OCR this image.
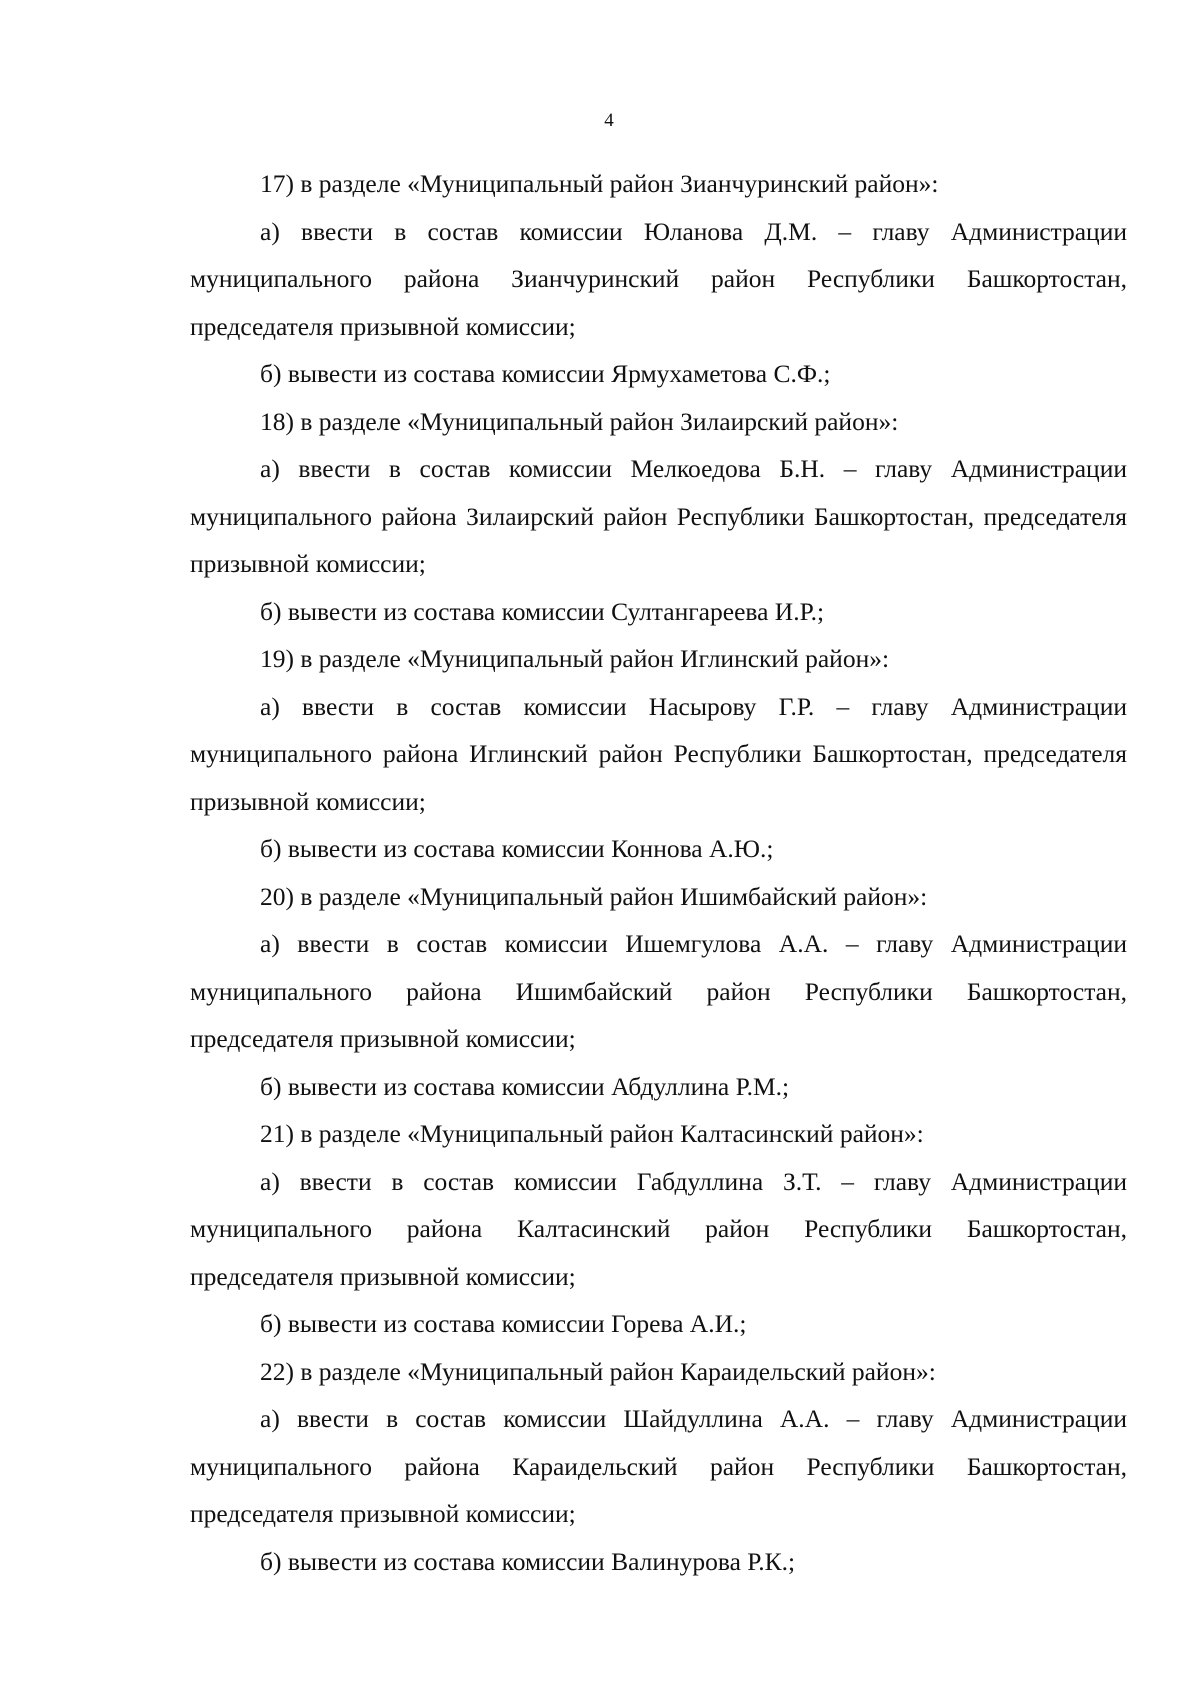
4

17) в разделе «Муниципальный район Зианчуринский район»:

а) ввести в состав комиссии Юланова Д.М. – главу Администрации муниципального района Зианчуринский район Республики Башкортостан, председателя призывной комиссии;

б) вывести из состава комиссии Ярмухаметова С.Ф.;

18) в разделе «Муниципальный район Зилаирский район»:

а) ввести в состав комиссии Мелкоедова Б.Н. – главу Администрации муниципального района Зилаирский район Республики Башкортостан, председателя призывной комиссии;

б) вывести из состава комиссии Султангареева И.Р.;

19) в разделе «Муниципальный район Иглинский район»:

а) ввести в состав комиссии Насырову Г.Р. – главу Администрации муниципального района Иглинский район Республики Башкортостан, председателя призывной комиссии;

б) вывести из состава комиссии Коннова А.Ю.;

20) в разделе «Муниципальный район Ишимбайский район»:

а) ввести в состав комиссии Ишемгулова А.А. – главу Администрации муниципального района Ишимбайский район Республики Башкортостан, председателя призывной комиссии;

б) вывести из состава комиссии Абдуллина Р.М.;

21) в разделе «Муниципальный район Калтасинский район»:

а) ввести в состав комиссии Габдуллина З.Т. – главу Администрации муниципального района Калтасинский район Республики Башкортостан, председателя призывной комиссии;

б) вывести из состава комиссии Горева А.И.;

22) в разделе «Муниципальный район Караидельский район»:

а) ввести в состав комиссии Шайдуллина А.А. – главу Администрации муниципального района Караидельский район Республики Башкортостан, председателя призывной комиссии;

б) вывести из состава комиссии Валинурова Р.К.;
